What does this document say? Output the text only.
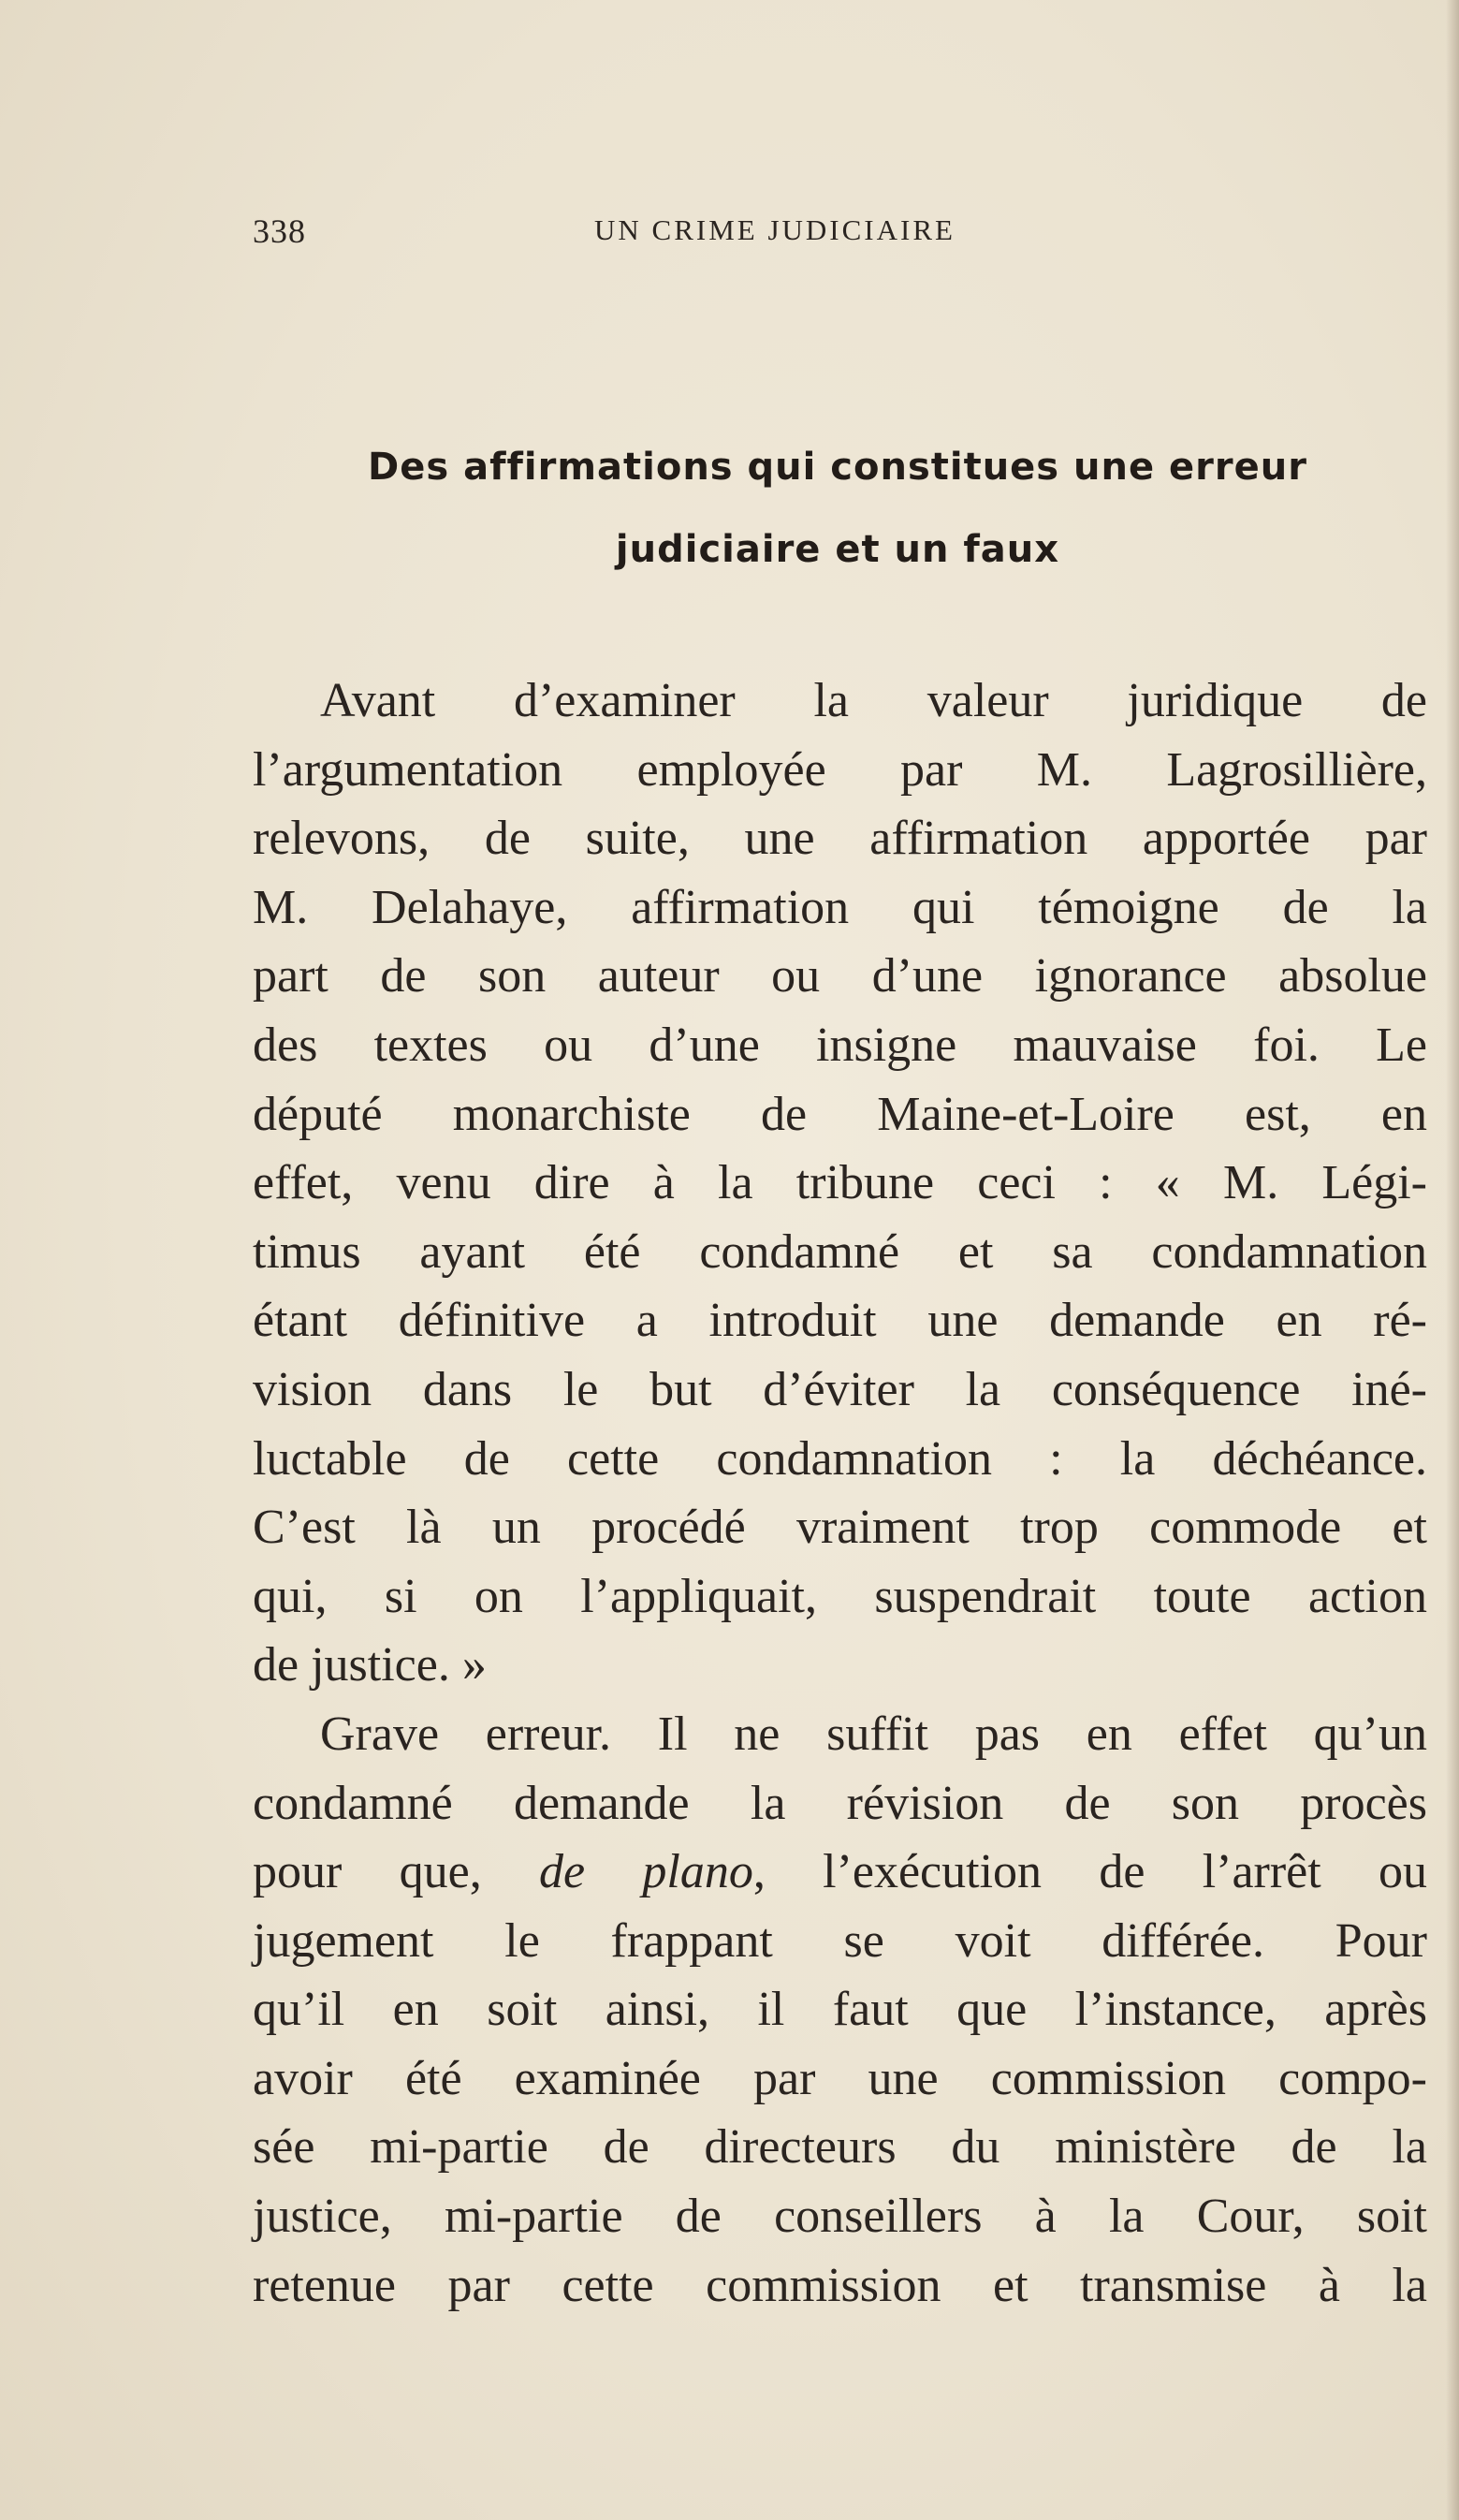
338	UN CRIME JUDICIAIRE
Des affirmations qui constitues une erreur
judiciaire et un faux
Avant d’examiner la valeur juridique de
l’argumentation employée par M. Lagrosillière,
relevons, de suite, une affirmation apportée par
M. Delahaye, affirmation qui témoigne de la
part de son auteur ou d’une ignorance absolue
des textes ou d’une insigne mauvaise foi. Le
député monarchiste de Maine-et-Loire est, en
effet, venu dire à la tribune ceci : « M. Légi-
timus ayant été condamné et sa condamnation
étant définitive a introduit une demande en ré-
vision dans le but d’éviter la conséquence iné-
luctable de cette condamnation : la déchéance.
C’est là un procédé vraiment trop commode et
qui, si on l’appliquait, suspendrait toute action
de justice. »
Grave erreur. Il ne suffit pas en effet qu’un
condamné demande la révision de son procès
pour que, de plano, l’exécution de l’arrêt ou
jugement le frappant se voit différée. Pour
qu’il en soit ainsi, il faut que l’instance, après
avoir été examinée par une commission compo-
sée mi-partie de directeurs du ministère de la
justice, mi-partie de conseillers à la Cour, soit
retenue par cette commission et transmise à la
